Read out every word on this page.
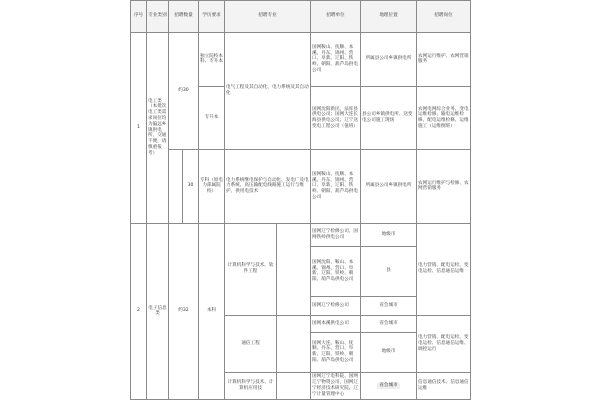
序号	专业类别	招聘数量		学历要求	招聘专业		招聘单位	地理位置	招聘岗位
1	电工类（本批次电工类需求岗位均为偏远乡镇供电所，交通不便，请慎重报考）	约30		独立院校本科、专升本	电气工程及其自动化、电力系统及其自动化		国网鞍山、抚顺、本溪、丹东、锦州、营口、阜新、辽阳、铁岭、朝阳、葫芦岛供电公司	所属县公司乡镇供电所	农网运行维护、农网营销服务
				专升本			国网沈阳新民、法库县供电公司；国网大连长海县供电公司；辽宁送变电工程公司（值班）	县公司乡镇供电所、送变电公司施工现场	农网电网综合业务、变电运维检修、输电运维检修、配电运维检修、运维施工（运维倒班）
			30	专科（原电力部属院校）	电力系统继电保护与自动化、发电厂及电力系统、高压输配电线路施工运行与维护、供用电技术		国网鞍山、抚顺、本溪、丹东、锦州、营口、阜新、辽阳、铁岭、朝阳、葫芦岛供电公司	所属县公司乡镇供电所	农网运行维护与检修、农网营销服务
2	电子信息类	约32		本科	计算机科学与技术、软件工程		国网辽宁检修公司、国网铁岭供电公司	地级市	电力营销、配电运检、变电运检、信息通信运维
							国网沈阳、鞍山、本溪、锦州、营口、阜新、辽阳、铁岭、朝阳、葫芦岛供电公司	县	
							国网辽宁检修公司	省会城市	
					通信工程		国网本溪供电公司	省会城市	电力营销、配电运检、变电运检、信息通信运维、调控运行
							国网大连、鞍山、抚顺、丹东、营口、阜新、辽阳、铁岭、朝阳、葫芦岛供电公司	地级市	
					计算机科学与技术、计算机应用技		国网辽宁电科院、国网辽宁物资公司、国网辽宁经济技术研究院、辽宁计量管理中心	省会城市	信息通信技术、信息通信运维
